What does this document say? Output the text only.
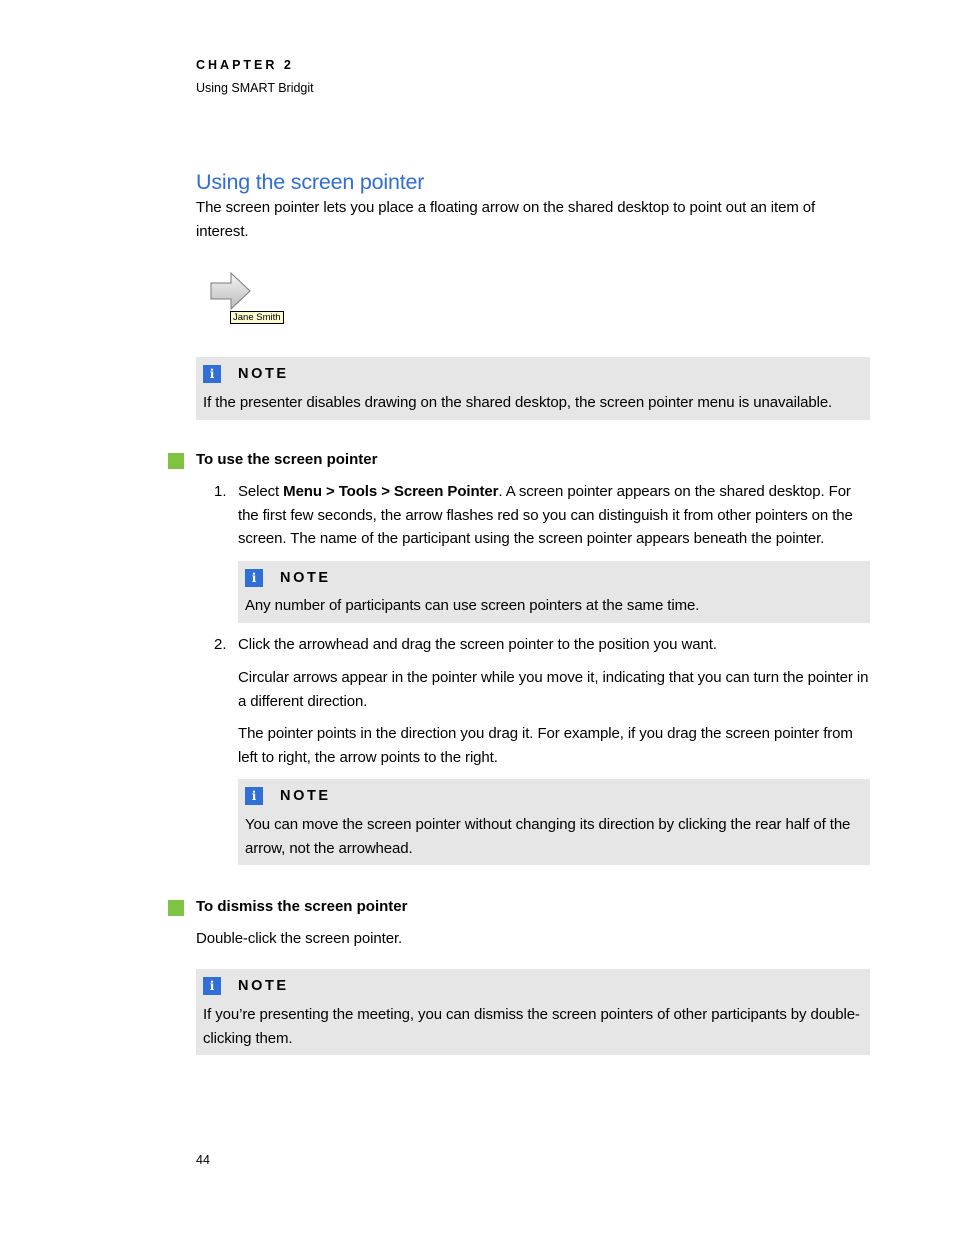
CHAPTER 2
Using SMART Bridgit
Using the screen pointer
The screen pointer lets you place a floating arrow on the shared desktop to point out an item of interest.
Jane Smith
i	NOTE
If the presenter disables drawing on the shared desktop, the screen pointer menu is unavailable.
To use the screen pointer
1. Select Menu > Tools > Screen Pointer. A screen pointer appears on the shared desktop. For the first few seconds, the arrow flashes red so you can distinguish it from other pointers on the screen. The name of the participant using the screen pointer appears beneath the pointer.
i	NOTE
Any number of participants can use screen pointers at the same time.
2. Click the arrowhead and drag the screen pointer to the position you want.
Circular arrows appear in the pointer while you move it, indicating that you can turn the pointer in a different direction.
The pointer points in the direction you drag it. For example, if you drag the screen pointer from left to right, the arrow points to the right.
i	NOTE
You can move the screen pointer without changing its direction by clicking the rear half of the arrow, not the arrowhead.
To dismiss the screen pointer
Double-click the screen pointer.
i	NOTE
If you’re presenting the meeting, you can dismiss the screen pointers of other participants by double-clicking them.
44
